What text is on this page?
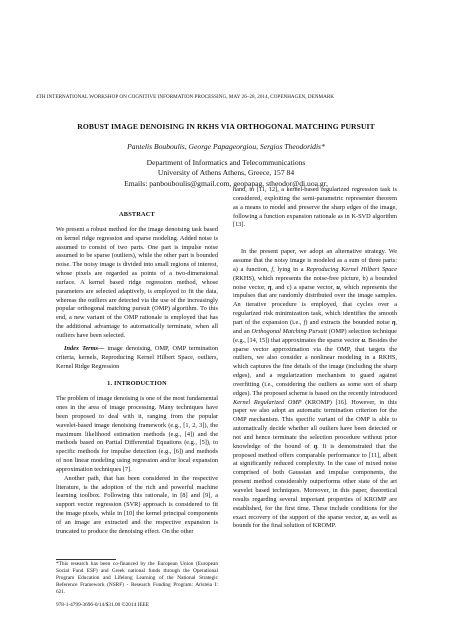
4TH INTERNATIONAL WORKSHOP ON COGNITIVE INFORMATION PROCESSING, MAY 26–28, 2014, COPENHAGEN, DENMARK
ROBUST IMAGE DENOISING IN RKHS VIA ORTHOGONAL MATCHING PURSUIT
Pantelis Bouboulis, George Papageorgiou, Sergios Theodoridis*
Department of Informatics and Telecommunications
University of Athens Athens, Greece, 157 84
Emails: panbouboulis@gmail.com, geopapag, stheodor@di.uoa.gr,
ABSTRACT

We present a robust method for the image denoising task based on kernel ridge regression and sparse modeling. Added noise is assumed to consist of two parts. One part is impulse noise assumed to be sparse (outliers), while the other part is bounded noise. The noisy image is divided into small regions of interest, whose pixels are regarded as points of a two-dimensional surface. A kernel based ridge regression method, whose parameters are selected adaptively, is employed to fit the data, whereas the outliers are detected via the use of the increasingly popular orthogonal matching pursuit (OMP) algorithm. To this end, a new variant of the OMP rationale is employed that has the additional advantage to automatically terminate, when all outliers have been selected.

Index Terms— image denoising, OMP, OMP termination criteria, kernels, Reproducing Kernel Hilbert Space, outliers, Kernel Ridge Regression

1. INTRODUCTION

The problem of image denoising is one of the most fundamental ones in the area of image processing. Many techniques have been proposed to deal with it, ranging from the popular wavelet-based image denoising framework (e.g., [1, 2, 3]), the maximum likelihood estimation methods (e.g., [4]) and the methods based on Partial Differential Equations (e.g., [5]), to specific methods for impulse detection (e.g., [6]) and methods of non linear modeling using regression and/or local expansion approximation techniques [7].

Another path, that has been considered in the respective literature, is the adoption of the rich and powerful machine learning toolbox. Following this rationale, in [8] and [9], a support vector regression (SVR) approach is considered to fit the image pixels, while in [10] the kernel principal components of an image are extracted and the respective expansion is truncated to produce the denoising effect. On the other

*This research has been co-financed by the European Union (European Social Fund ESF) and Greek national funds through the Operational Program Education and Lifelong Learning of the National Strategic Reference Framework (NSRF) - Research Funding Program: Aristeia I: 621.
978-1-4799-3696-0/14/$31.00 ©2014 IEEE

hand, in [11, 12], a kernel-based regularized regression task is considered, exploiting the semi-parametric representer theorem as a means to model and preserve the sharp edges of the image, following a function expansion rationale as in K-SVD algorithm [13].

In the present paper, we adopt an alternative strategy. We assume that the noisy image is modeled as a sum of three parts: a) a function, f, lying in a Reproducing Kernel Hilbert Space (RKHS), which represents the noise-free picture, b) a bounded noise vector, η, and c) a sparse vector, u, which represents the impulses that are randomly distributed over the image samples. An iterative procedure is employed, that cycles over a regularized risk minimization task, which identifies the smooth part of the expansion (i.e., f) and extracts the bounded noise η, and an Orthogonal Matching Pursuit (OMP) selection technique (e.g., [14, 15]) that approximates the sparse vector u. Besides the sparse vector approximation via the OMP, that targets the outliers, we also consider a nonlinear modeling in a RKHS, which captures the fine details of the image (including the sharp edges), and a regularization mechanism to guard against overfitting (i.e., considering the outliers as some sort of sharp edges). The proposed scheme is based on the recently introduced Kernel Regularized OMP (KROMP) [16]. However, in this paper we also adopt an automatic termination criterion for the OMP mechanism. This specific variant of the OMP is able to automatically decide whether all outliers have been detected or not and hence terminate the selection procedure without prior knowledge of the bound of η. It is demonstrated that the proposed method offers comparable performance to [11], albeit at significantly reduced complexity. In the case of mixed noise comprised of both Gaussian and impulse components, the present method considerably outperforms other state of the art wavelet based techniques. Moreover, in this paper, theoretical results regarding several important properties of KROMP are established, for the first time. These include conditions for the exact recovery of the support of the sparse vector, u, as well as bounds for the final solution of KROMP.
